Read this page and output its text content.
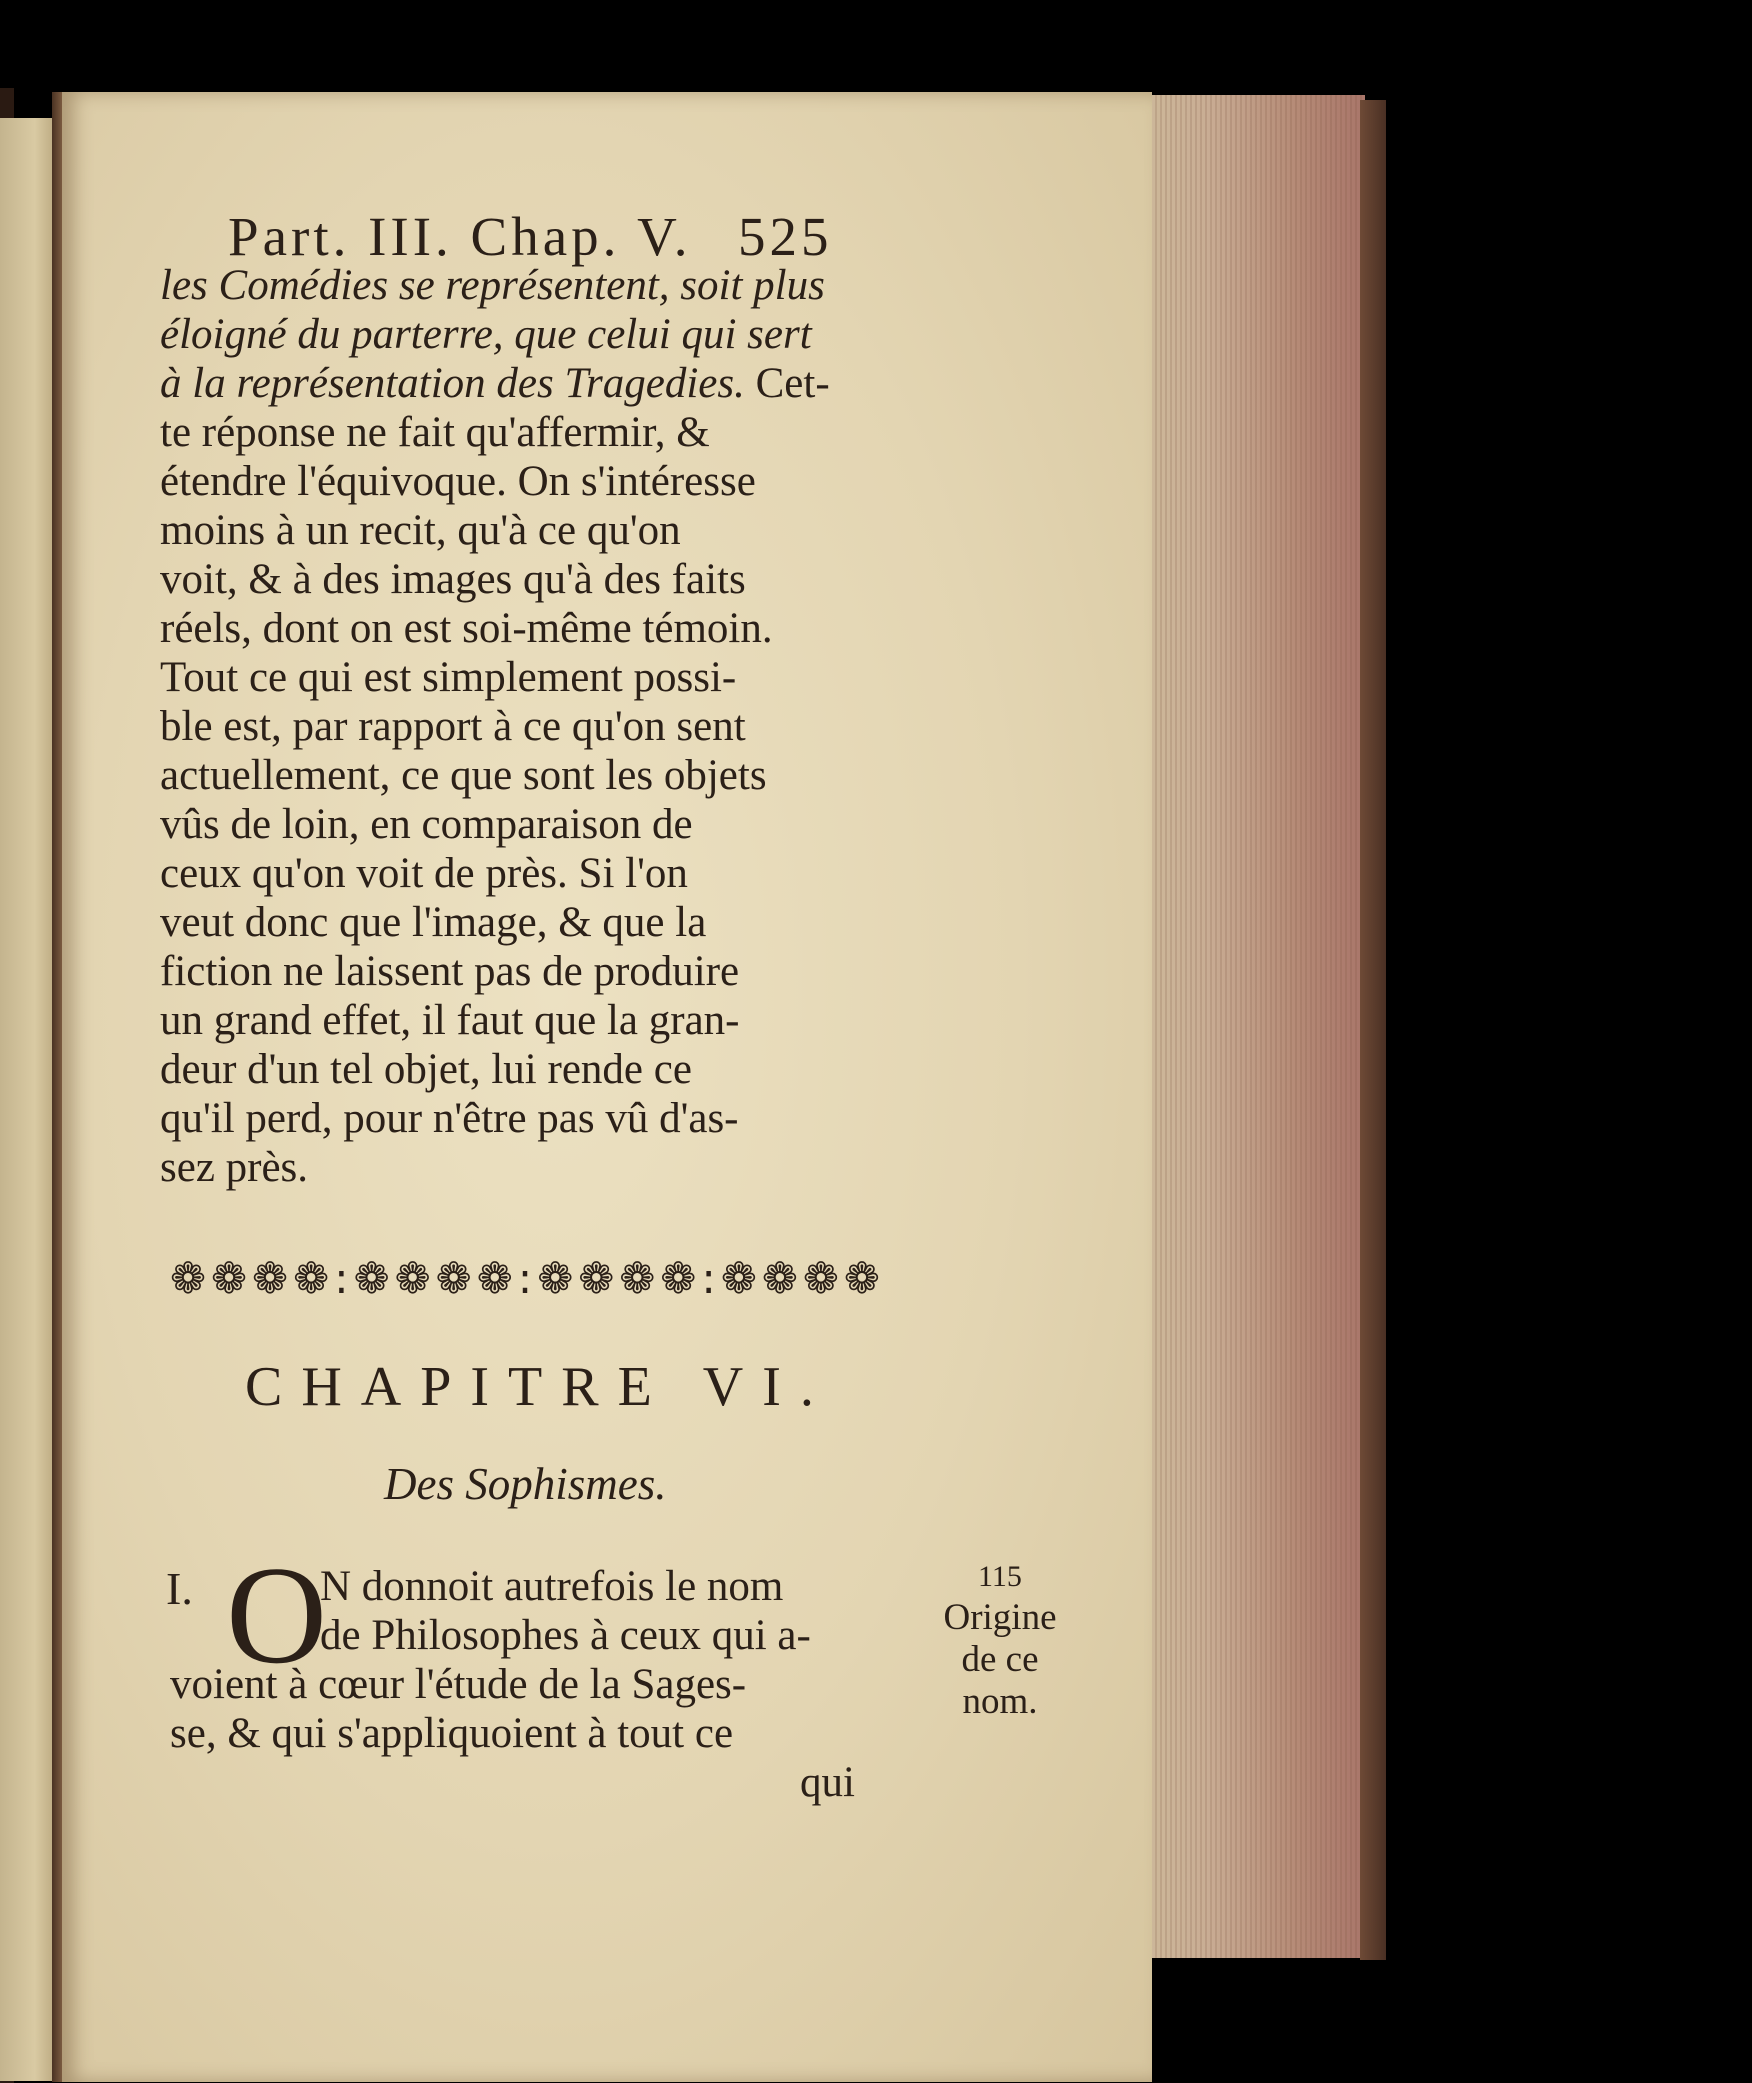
Part. III. Chap. V. 525
les Comédies se représentent, soit plus
éloigné du parterre, que celui qui sert
à la représentation des Tragedies. Cet-
te réponse ne fait qu'affermir, &
étendre l'équivoque. On s'intéresse
moins à un recit, qu'à ce qu'on
voit, & à des images qu'à des faits
réels, dont on est soi-même témoin.
Tout ce qui est simplement possi-
ble est, par rapport à ce qu'on sent
actuellement, ce que sont les objets
vûs de loin, en comparaison de
ceux qu'on voit de près. Si l'on
veut donc que l'image, & que la
fiction ne laissent pas de produire
un grand effet, il faut que la gran-
deur d'un tel objet, lui rende ce
qu'il perd, pour n'être pas vû d'as-
sez près.
❁❁❁❁:❁❁❁❁:❁❁❁❁:❁❁❁❁
CHAPITRE VI.
Des Sophismes.
I. O
N donnoit autrefois le nom
de Philosophes à ceux qui a-
voient à cœur l'étude de la Sages-
se, & qui s'appliquoient à tout ce
qui
115
Origine
de ce
nom.
